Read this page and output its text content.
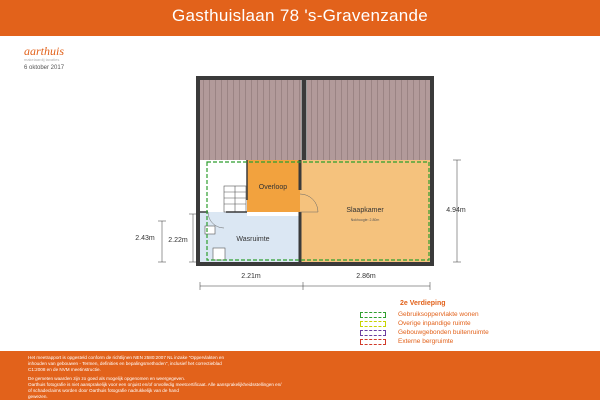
Gasthuislaan 78 's-Gravenzande
aarthuis
makelaardij taxaties
6 oktober 2017
Overloop
Slaapkamer
Nokhoogte: 2.80m
Wasruimte
2.43m 2.22m
4.94m
2.21m	2.86m
2e Verdieping
Gebruiksoppervlakte wonen
Overige inpandige ruimte
Gebouwgebonden buitenruimte
Externe bergruimte
Het meetrapport is opgesteld conform de richtlijnen NEN 2580:2007 NL inzake "Oppervlakten en
inhouden van gebouwen - Termen, definities en bepalingsmethoden", inclusief het correctieblad
C1:2008 en de NVM meetinstructie.
De gemeten waarden zijn zo goed als mogelijk opgenomen en weergegeven.
Oarthuis fotografie is niet aansprakelijk voor een onjuist en/of onvolledig meetcertificaat. Alle aansprakelijkheidsstellingen en/
of schadeclaims worden door Oarthuis fotografie nadrukkelijk van de hand
gewezen.
